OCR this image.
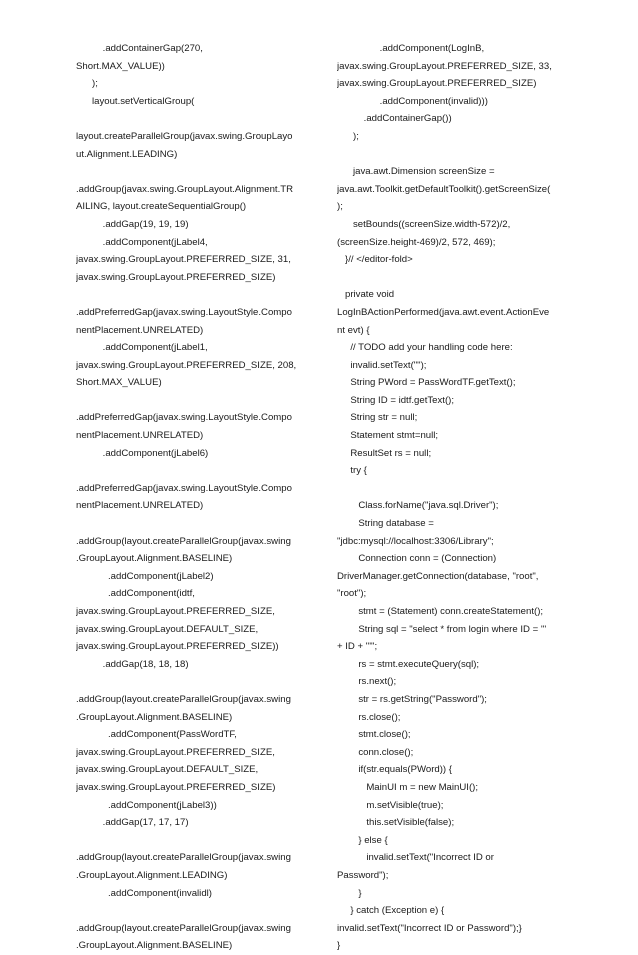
.addContainerGap(270,
Short.MAX_VALUE))
);
layout.setVerticalGroup(
layout.createParallelGroup(javax.swing.GroupLayo
ut.Alignment.LEADING)
.addGroup(javax.swing.GroupLayout.Alignment.TR
AILING, layout.createSequentialGroup()
.addGap(19, 19, 19)
.addComponent(jLabel4,
javax.swing.GroupLayout.PREFERRED_SIZE, 31,
javax.swing.GroupLayout.PREFERRED_SIZE)
.addPreferredGap(javax.swing.LayoutStyle.Compo
nentPlacement.UNRELATED)
.addComponent(jLabel1,
javax.swing.GroupLayout.PREFERRED_SIZE, 208,
Short.MAX_VALUE)
.addPreferredGap(javax.swing.LayoutStyle.Compo
nentPlacement.UNRELATED)
.addComponent(jLabel6)
.addPreferredGap(javax.swing.LayoutStyle.Compo
nentPlacement.UNRELATED)
.addGroup(layout.createParallelGroup(javax.swing
.GroupLayout.Alignment.BASELINE)
.addComponent(jLabel2)
.addComponent(idtf,
javax.swing.GroupLayout.PREFERRED_SIZE,
javax.swing.GroupLayout.DEFAULT_SIZE,
javax.swing.GroupLayout.PREFERRED_SIZE))
.addGap(18, 18, 18)
.addGroup(layout.createParallelGroup(javax.swing
.GroupLayout.Alignment.BASELINE)
.addComponent(PassWordTF,
javax.swing.GroupLayout.PREFERRED_SIZE,
javax.swing.GroupLayout.DEFAULT_SIZE,
javax.swing.GroupLayout.PREFERRED_SIZE)
.addComponent(jLabel3))
.addGap(17, 17, 17)
.addGroup(layout.createParallelGroup(javax.swing
.GroupLayout.Alignment.LEADING)
.addComponent(invalidl)
.addGroup(layout.createParallelGroup(javax.swing
.GroupLayout.Alignment.BASELINE)
.addComponent(LogInB,
javax.swing.GroupLayout.PREFERRED_SIZE, 33,
javax.swing.GroupLayout.PREFERRED_SIZE)
.addComponent(invalid)))
.addContainerGap())
);
java.awt.Dimension screenSize =
java.awt.Toolkit.getDefaultToolkit().getScreenSize(
);
setBounds((screenSize.width-572)/2,
(screenSize.height-469)/2, 572, 469);
}// </editor-fold>
private void
LogInBActionPerformed(java.awt.event.ActionEve
nt evt) {
// TODO add your handling code here:
invalid.setText("");
String PWord = PassWordTF.getText();
String ID = idtf.getText();
String str = null;
Statement stmt=null;
ResultSet rs = null;
try {
Class.forName("java.sql.Driver");
String database =
"jdbc:mysql://localhost:3306/Library";
Connection conn = (Connection)
DriverManager.getConnection(database, "root",
"root");
stmt = (Statement) conn.createStatement();
String sql = "select * from login where ID = '"
+ ID + "'";
rs = stmt.executeQuery(sql);
rs.next();
str = rs.getString("Password");
rs.close();
stmt.close();
conn.close();
if(str.equals(PWord)) {
MainUI m = new MainUI();
m.setVisible(true);
this.setVisible(false);
} else {
invalid.setText("Incorrect ID or
Password");
}
} catch (Exception e) {
invalid.setText("Incorrect ID or Password");}
}
